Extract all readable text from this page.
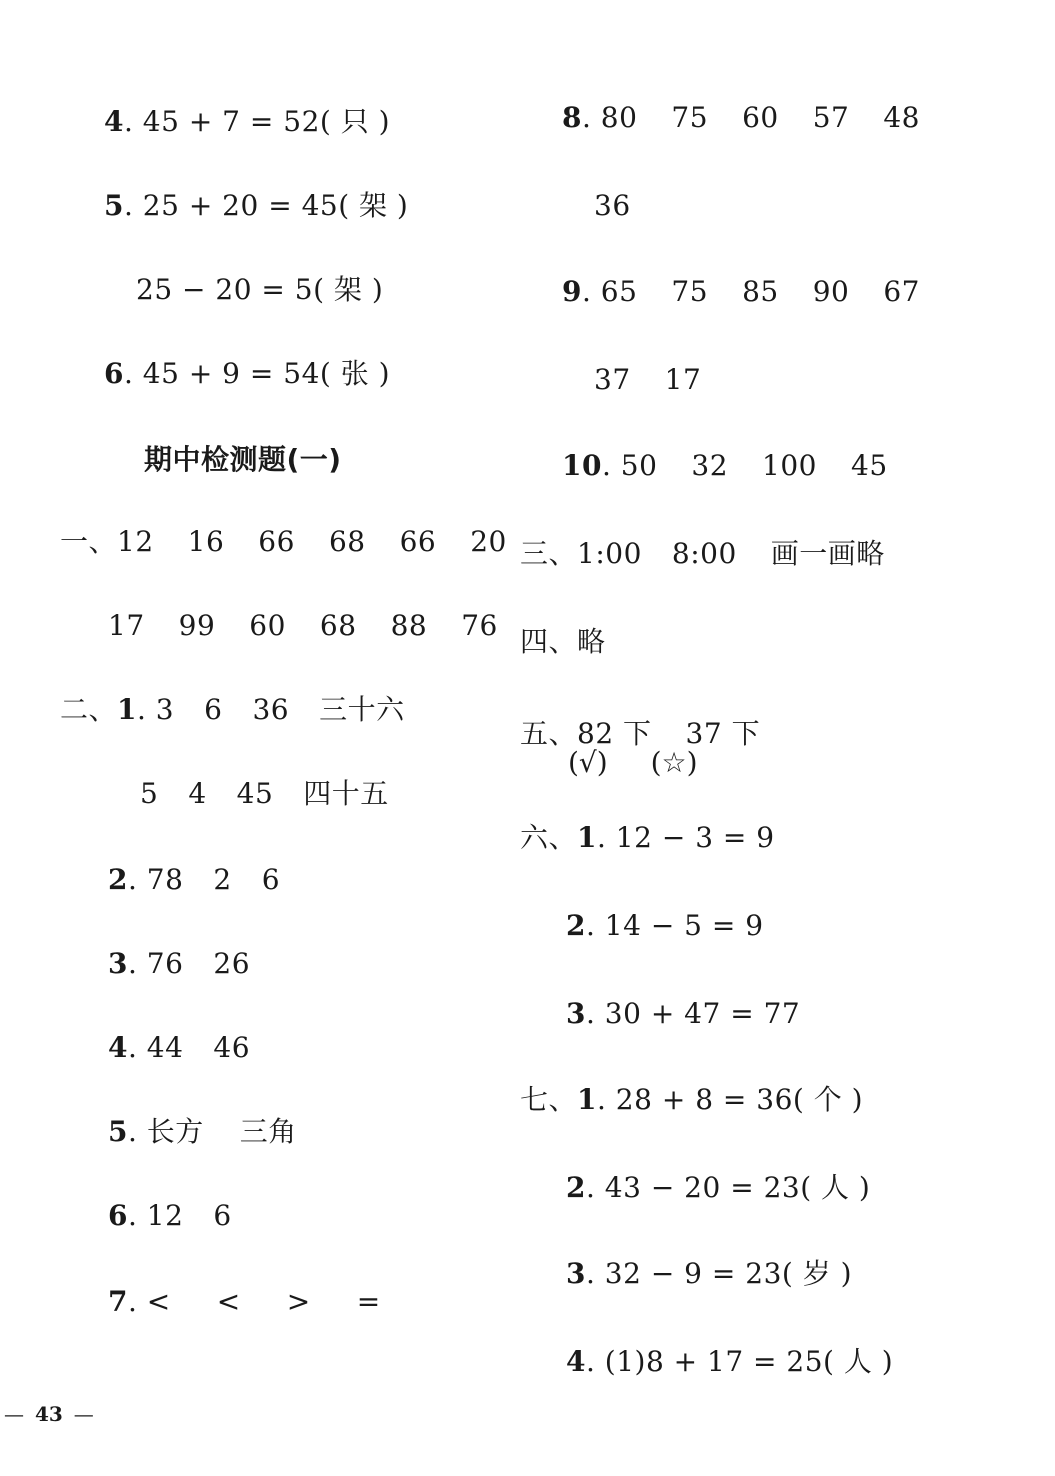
4. 45 + 7 = 52( 只 )
5. 25 + 20 = 45( 架 )
25 − 20 = 5( 架 )
6. 45 + 9 = 54( 张 )
期中检测题(一)
一、 12 16 66 68 66 20
17 99 60 68 88 76
二、 1 . 3 6 36 三十六
5 4 45 四十五
2 . 78 2 6
3 . 76 26
4 . 44 46
5 . 长方 三角
6 . 12 6
7 . < < > =
8 . 80 75 60 57 48
36
9 . 65 75 85 90 67
37 17
10 . 50 32 100 45
三、 1:00 8:00 画一画略
四、略
五、 82 下 37 下
(√) (☆)
六、 1 . 12 − 3 = 9
2. 14 − 5 = 9
3. 30 + 47 = 77
七、 1 . 28 + 8 = 36( 个 )
2. 43 − 20 = 23( 人 )
3. 32 − 9 = 23( 岁 )
4. (1)8 + 17 = 25( 人 )
— 43 —
